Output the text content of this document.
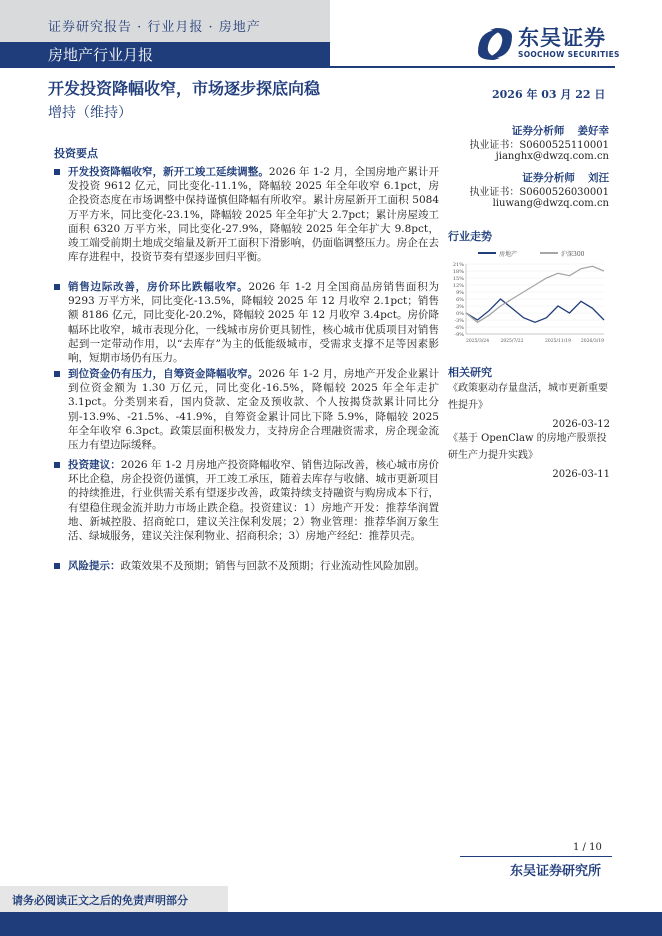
证券研究报告 · 行业月报 · 房地产
房地产行业月报
东吴证券
SOOCHOW SECURITIES
开发投资降幅收窄，市场逐步探底向稳	2026 年 03 月 22 日
增持（维持）
证券分析师 姜好幸
执业证书：S0600525110001
jianghx@dwzq.com.cn
证券分析师 刘汪
执业证书：S0600526030001
liuwang@dwzq.com.cn
投资要点
开发投资降幅收窄，新开工竣工延续调整。2026 年 1-2 月，全国房地产累计开发投资 9612 亿元，同比变化-11.1%，降幅较 2025 年全年收窄 6.1pct，房企投资态度在市场调整中保持谨慎但降幅有所收窄。累计房屋新开工面积 5084 万平方米，同比变化-23.1%，降幅较 2025 年全年扩大 2.7pct；累计房屋竣工面积 6320 万平方米，同比变化-27.9%，降幅较 2025 年全年扩大 9.8pct，竣工端受前期土地成交缩量及新开工面积下滑影响，仍面临调整压力。房企在去库存进程中，投资节奏有望逐步回归平衡。
销售边际改善，房价环比跌幅收窄。2026 年 1-2 月全国商品房销售面积为 9293 万平方米，同比变化-13.5%，降幅较 2025 年 12 月收窄 2.1pct；销售额 8186 亿元，同比变化-20.2%，降幅较 2025 年 12 月收窄 3.4pct。房价降幅环比收窄，城市表现分化，一线城市房价更具韧性，核心城市优质项目对销售起到一定带动作用，以“去库存”为主的低能级城市，受需求支撑不足等因素影响，短期市场仍有压力。
到位资金仍有压力，自筹资金降幅收窄。2026 年 1-2 月，房地产开发企业累计到位资金额为 1.30 万亿元，同比变化-16.5%，降幅较 2025 年全年走扩 3.1pct。分类别来看，国内贷款、定金及预收款、个人按揭贷款累计同比分别-13.9%、-21.5%、-41.9%，自筹资金累计同比下降 5.9%，降幅较 2025 年全年收窄 6.3pct。政策层面积极发力，支持房企合理融资需求，房企现金流压力有望边际缓释。
投资建议：2026 年 1-2 月房地产投资降幅收窄、销售边际改善，核心城市房价环比企稳，房企投资仍谨慎，开工竣工承压，随着去库存与收储、城市更新项目的持续推进，行业供需关系有望逐步改善，政策持续支持融资与购房成本下行，有望稳住现金流并助力市场止跌企稳。投资建议：1）房地产开发：推荐华润置地、新城控股、招商蛇口，建议关注保利发展；2）物业管理：推荐华润万象生活、绿城服务，建议关注保利物业、招商积余；3）房地产经纪：推荐贝壳。
风险提示：政策效果不及预期；销售与回款不及预期；行业流动性风险加剧。
行业走势
房地产	沪深300
21%
18%
15%
12%
9%
6%
3%
0%
-3%
-6%
-9%
2025/3/24	2025/7/22	2025/11/19 2026/3/19
相关研究
《政策驱动存量盘活，城市更新重要性提升》
2026-03-12
《基于 OpenClaw 的房地产股票投研生产力提升实践》
2026-03-11
1 / 10
东吴证券研究所
请务必阅读正文之后的免责声明部分
